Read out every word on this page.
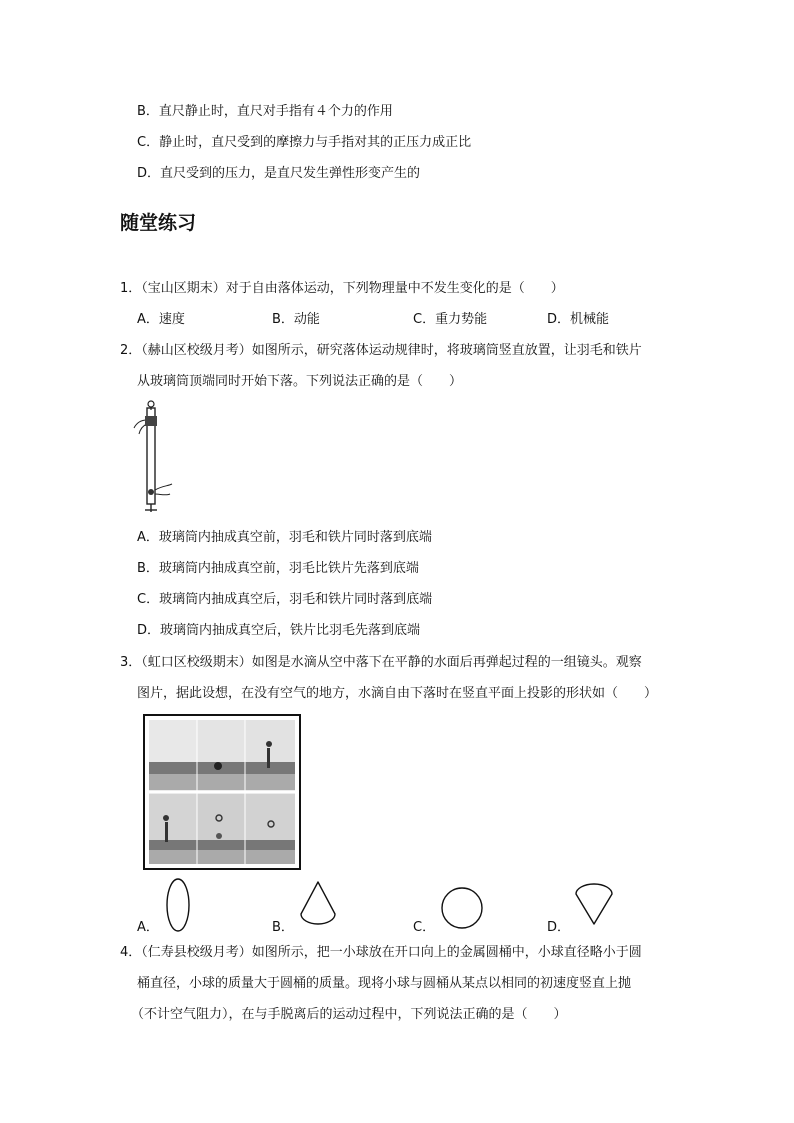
B．直尺静止时，直尺对手指有４个力的作用
C．静止时，直尺受到的摩擦力与手指对其的正压力成正比
D．直尺受到的压力，是直尺发生弹性形变产生的
随堂练习
1．（宝山区期末）对于自由落体运动，下列物理量中不发生变化的是（　　）
A．速度	B．动能	C．重力势能	D．机械能
2．（赫山区校级月考）如图所示，研究落体运动规律时，将玻璃筒竖直放置，让羽毛和铁片
从玻璃筒顶端同时开始下落。下列说法正确的是（　　）
A．玻璃筒内抽成真空前，羽毛和铁片同时落到底端
B．玻璃筒内抽成真空前，羽毛比铁片先落到底端
C．玻璃筒内抽成真空后，羽毛和铁片同时落到底端
D．玻璃筒内抽成真空后，铁片比羽毛先落到底端
3．（虹口区校级期末）如图是水滴从空中落下在平静的水面后再弹起过程的一组镜头。观察
图片，据此设想，在没有空气的地方，水滴自由下落时在竖直平面上投影的形状如（　　）
A．	B．	C．	D．
4．（仁寿县校级月考）如图所示，把一小球放在开口向上的金属圆桶中，小球直径略小于圆
桶直径，小球的质量大于圆桶的质量。现将小球与圆桶从某点以相同的初速度竖直上抛
（不计空气阻力），在与手脱离后的运动过程中，下列说法正确的是（　　）
